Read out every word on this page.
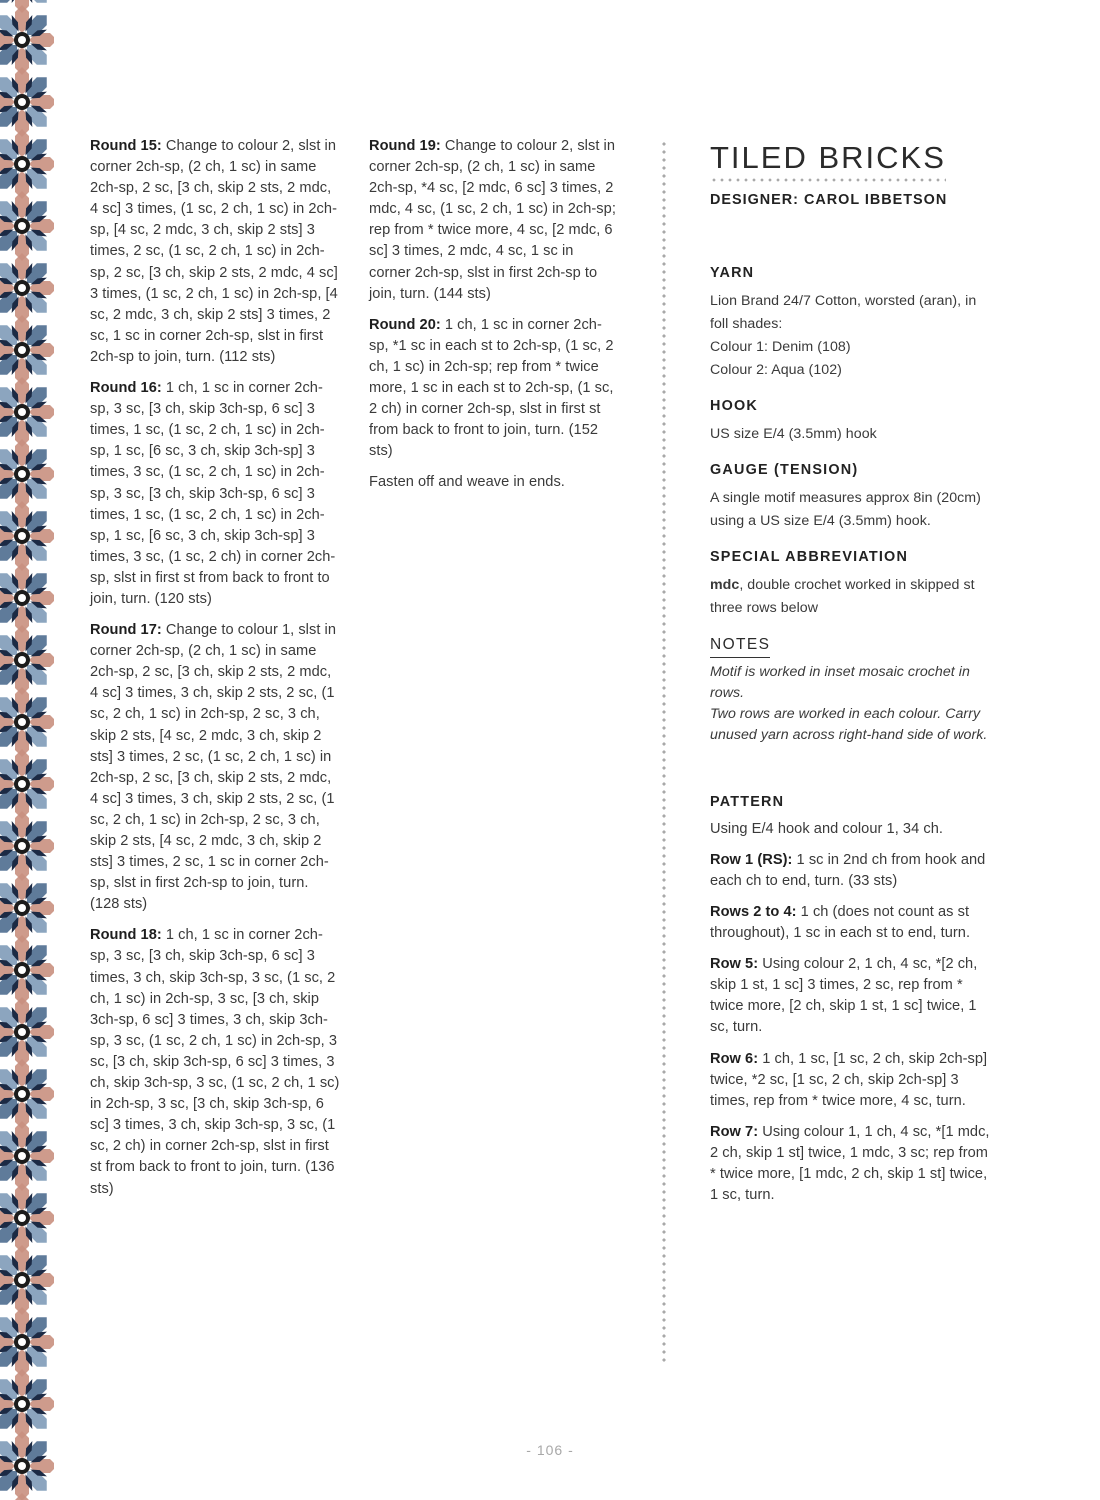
Round 15: Change to colour 2, slst in corner 2ch-sp, (2 ch, 1 sc) in same 2ch-sp, 2 sc, [3 ch, skip 2 sts, 2 mdc, 4 sc] 3 times, (1 sc, 2 ch, 1 sc) in 2ch-sp, [4 sc, 2 mdc, 3 ch, skip 2 sts] 3 times, 2 sc, (1 sc, 2 ch, 1 sc) in 2ch-sp, 2 sc, [3 ch, skip 2 sts, 2 mdc, 4 sc] 3 times, (1 sc, 2 ch, 1 sc) in 2ch-sp, [4 sc, 2 mdc, 3 ch, skip 2 sts] 3 times, 2 sc, 1 sc in corner 2ch-sp, slst in first 2ch-sp to join, turn. (112 sts)

Round 16: 1 ch, 1 sc in corner 2ch-sp, 3 sc, [3 ch, skip 3ch-sp, 6 sc] 3 times, 1 sc, (1 sc, 2 ch, 1 sc) in 2ch-sp, 1 sc, [6 sc, 3 ch, skip 3ch-sp] 3 times, 3 sc, (1 sc, 2 ch, 1 sc) in 2ch-sp, 3 sc, [3 ch, skip 3ch-sp, 6 sc] 3 times, 1 sc, (1 sc, 2 ch, 1 sc) in 2ch-sp, 1 sc, [6 sc, 3 ch, skip 3ch-sp] 3 times, 3 sc, (1 sc, 2 ch) in corner 2ch-sp, slst in first st from back to front to join, turn. (120 sts)

Round 17: Change to colour 1, slst in corner 2ch-sp, (2 ch, 1 sc) in same 2ch-sp, 2 sc, [3 ch, skip 2 sts, 2 mdc, 4 sc] 3 times, 3 ch, skip 2 sts, 2 sc, (1 sc, 2 ch, 1 sc) in 2ch-sp, 2 sc, 3 ch, skip 2 sts, [4 sc, 2 mdc, 3 ch, skip 2 sts] 3 times, 2 sc, (1 sc, 2 ch, 1 sc) in 2ch-sp, 2 sc, [3 ch, skip 2 sts, 2 mdc, 4 sc] 3 times, 3 ch, skip 2 sts, 2 sc, (1 sc, 2 ch, 1 sc) in 2ch-sp, 2 sc, 3 ch, skip 2 sts, [4 sc, 2 mdc, 3 ch, skip 2 sts] 3 times, 2 sc, 1 sc in corner 2ch-sp, slst in first 2ch-sp to join, turn. (128 sts)

Round 18: 1 ch, 1 sc in corner 2ch-sp, 3 sc, [3 ch, skip 3ch-sp, 6 sc] 3 times, 3 ch, skip 3ch-sp, 3 sc, (1 sc, 2 ch, 1 sc) in 2ch-sp, 3 sc, [3 ch, skip 3ch-sp, 6 sc] 3 times, 3 ch, skip 3ch-sp, 3 sc, (1 sc, 2 ch, 1 sc) in 2ch-sp, 3 sc, [3 ch, skip 3ch-sp, 6 sc] 3 times, 3 ch, skip 3ch-sp, 3 sc, (1 sc, 2 ch, 1 sc) in 2ch-sp, 3 sc, [3 ch, skip 3ch-sp, 6 sc] 3 times, 3 ch, skip 3ch-sp, 3 sc, (1 sc, 2 ch) in corner 2ch-sp, slst in first st from back to front to join, turn. (136 sts)

Round 19: Change to colour 2, slst in corner 2ch-sp, (2 ch, 1 sc) in same 2ch-sp, *4 sc, [2 mdc, 6 sc] 3 times, 2 mdc, 4 sc, (1 sc, 2 ch, 1 sc) in 2ch-sp; rep from * twice more, 4 sc, [2 mdc, 6 sc] 3 times, 2 mdc, 4 sc, 1 sc in corner 2ch-sp, slst in first 2ch-sp to join, turn. (144 sts)

Round 20: 1 ch, 1 sc in corner 2ch-sp, *1 sc in each st to 2ch-sp, (1 sc, 2 ch, 1 sc) in 2ch-sp; rep from * twice more, 1 sc in each st to 2ch-sp, (1 sc, 2 ch) in corner 2ch-sp, slst in first st from back to front to join, turn. (152 sts)

Fasten off and weave in ends.

TILED BRICKS

DESIGNER: CAROL IBBETSON

YARN

Lion Brand 24/7 Cotton, worsted (aran), in foll shades:
Colour 1: Denim (108)
Colour 2: Aqua (102)

HOOK

US size E/4 (3.5mm) hook

GAUGE (TENSION)

A single motif measures approx 8in (20cm) using a US size E/4 (3.5mm) hook.

SPECIAL ABBREVIATION

mdc, double crochet worked in skipped st three rows below

NOTES

Motif is worked in inset mosaic crochet in rows.

Two rows are worked in each colour. Carry unused yarn across right-hand side of work.

PATTERN

Using E/4 hook and colour 1, 34 ch.

Row 1 (RS): 1 sc in 2nd ch from hook and each ch to end, turn. (33 sts)

Rows 2 to 4: 1 ch (does not count as st throughout), 1 sc in each st to end, turn.

Row 5: Using colour 2, 1 ch, 4 sc, *[2 ch, skip 1 st, 1 sc] 3 times, 2 sc, rep from * twice more, [2 ch, skip 1 st, 1 sc] twice, 1 sc, turn.

Row 6: 1 ch, 1 sc, [1 sc, 2 ch, skip 2ch-sp] twice, *2 sc, [1 sc, 2 ch, skip 2ch-sp] 3 times, rep from * twice more, 4 sc, turn.

Row 7: Using colour 1, 1 ch, 4 sc, *[1 mdc, 2 ch, skip 1 st] twice, 1 mdc, 3 sc; rep from * twice more, [1 mdc, 2 ch, skip 1 st] twice, 1 sc, turn.

- 106 -
